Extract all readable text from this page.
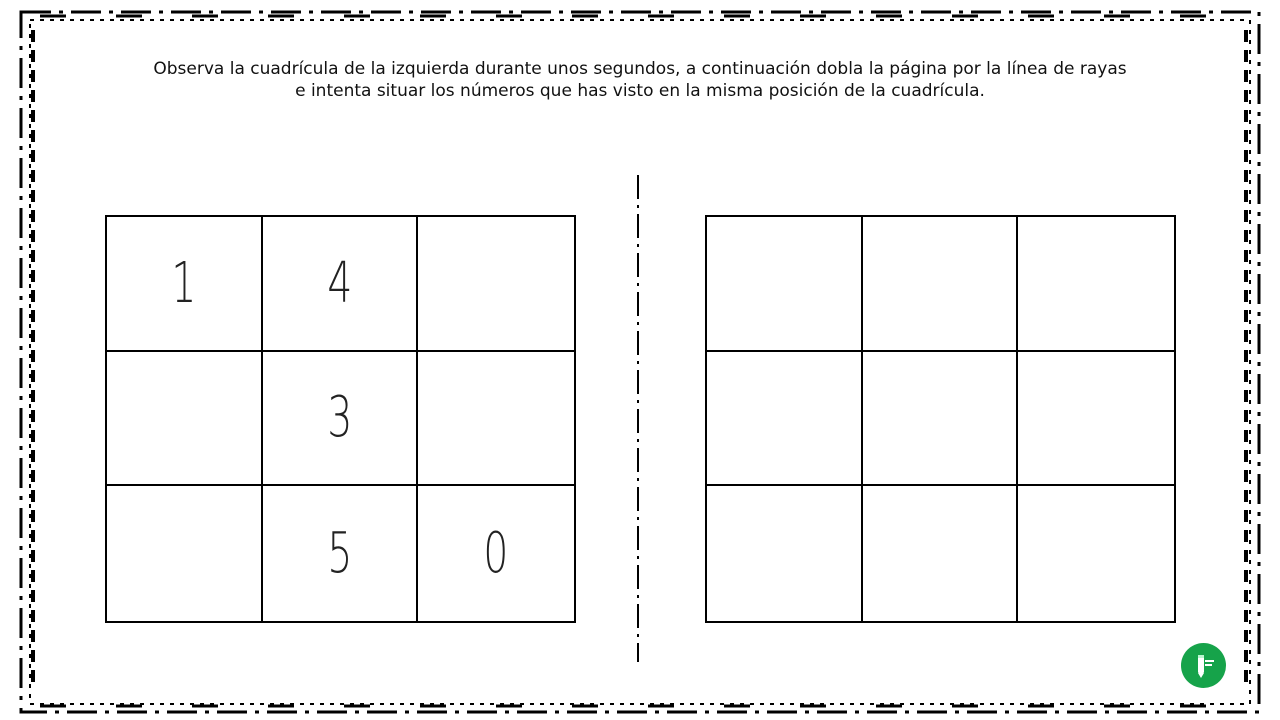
Observa la cuadrícula de la izquierda durante unos segundos, a continuación dobla la página por la línea de rayas
e intenta situar los números que has visto en la misma posición de la cuadrícula.
1 4
3
5 0
